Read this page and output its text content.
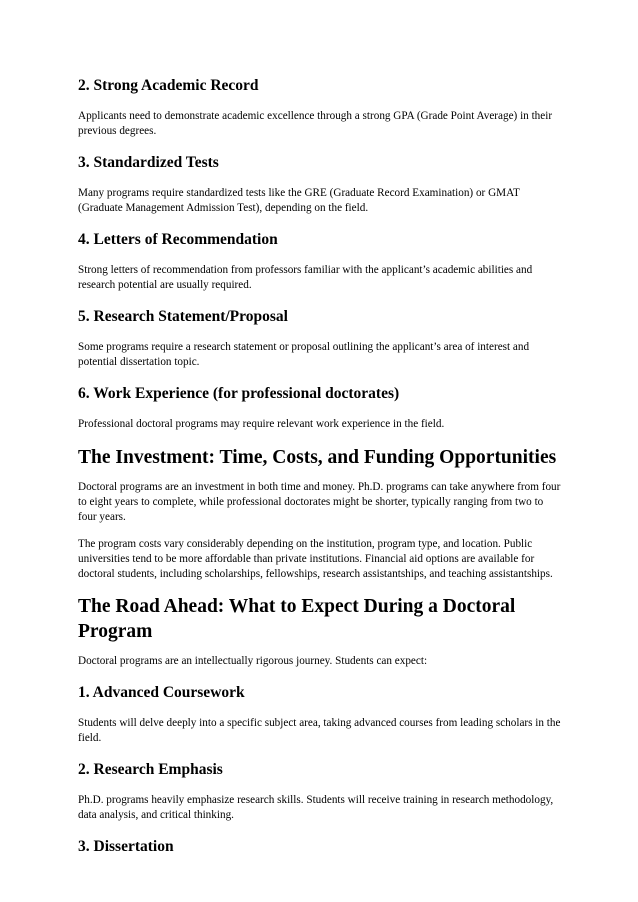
2. Strong Academic Record

Applicants need to demonstrate academic excellence through a strong GPA (Grade Point Average) in their previous degrees.

3. Standardized Tests

Many programs require standardized tests like the GRE (Graduate Record Examination) or GMAT (Graduate Management Admission Test), depending on the field.

4. Letters of Recommendation

Strong letters of recommendation from professors familiar with the applicant’s academic abilities and research potential are usually required.

5. Research Statement/Proposal

Some programs require a research statement or proposal outlining the applicant’s area of interest and potential dissertation topic.

6. Work Experience (for professional doctorates)

Professional doctoral programs may require relevant work experience in the field.

The Investment: Time, Costs, and Funding Opportunities

Doctoral programs are an investment in both time and money. Ph.D. programs can take anywhere from four to eight years to complete, while professional doctorates might be shorter, typically ranging from two to four years.

The program costs vary considerably depending on the institution, program type, and location. Public universities tend to be more affordable than private institutions. Financial aid options are available for doctoral students, including scholarships, fellowships, research assistantships, and teaching assistantships.

The Road Ahead: What to Expect During a Doctoral Program

Doctoral programs are an intellectually rigorous journey. Students can expect:

1. Advanced Coursework

Students will delve deeply into a specific subject area, taking advanced courses from leading scholars in the field.

2. Research Emphasis

Ph.D. programs heavily emphasize research skills. Students will receive training in research methodology, data analysis, and critical thinking.

3. Dissertation
